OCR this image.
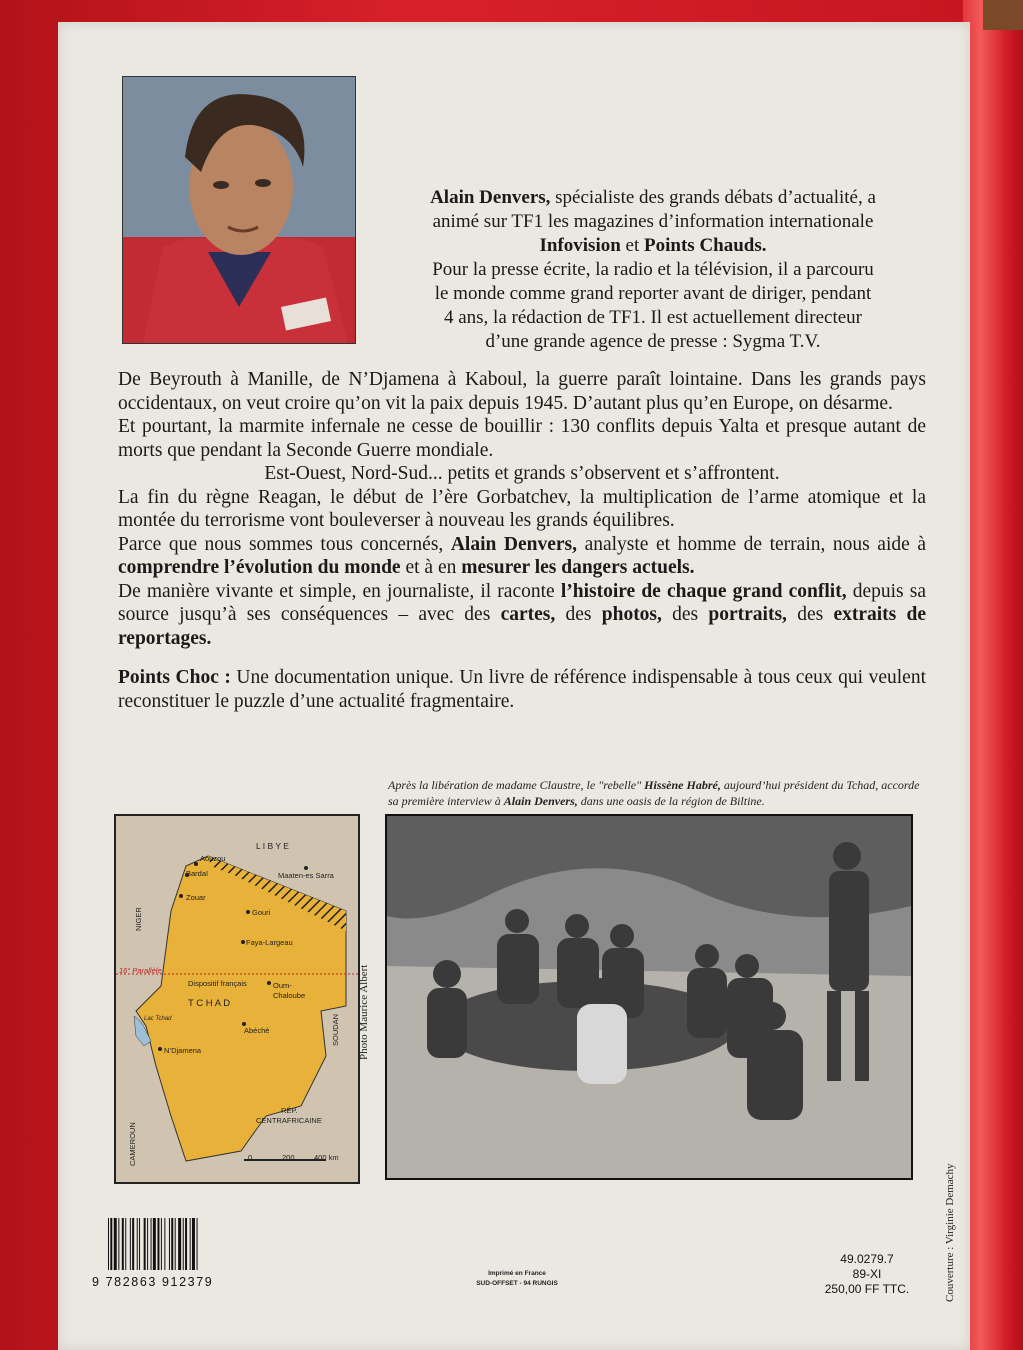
Alain Denvers, spécialiste des grands débats d’actualité, a

animé sur TF1 les magazines d’information internationale

Infovision et Points Chauds.

Pour la presse écrite, la radio et la télévision, il a parcouru

le monde comme grand reporter avant de diriger, pendant

4 ans, la rédaction de TF1. Il est actuellement directeur

d’une grande agence de presse : Sygma T.V.

De Beyrouth à Manille, de N’Djamena à Kaboul, la guerre paraît lointaine. Dans les grands pays occidentaux, on veut croire qu’on vit la paix depuis 1945. D’autant plus qu’en Europe, on désarme.

Et pourtant, la marmite infernale ne cesse de bouillir : 130 conflits depuis Yalta et presque autant de morts que pendant la Seconde Guerre mondiale.

Est-Ouest, Nord-Sud... petits et grands s’observent et s’affrontent.

La fin du règne Reagan, le début de l’ère Gorbatchev, la multiplication de l’arme atomique et la montée du terrorisme vont bouleverser à nouveau les grands équilibres.

Parce que nous sommes tous concernés, Alain Denvers, analyste et homme de terrain, nous aide à comprendre l’évolution du monde et à en mesurer les dangers actuels.

De manière vivante et simple, en journaliste, il raconte l’histoire de chaque grand conflit, depuis sa source jusqu’à ses conséquences – avec des cartes, des photos, des portraits, des extraits de reportages.

Points Choc : Une documentation unique. Un livre de référence indispensable à tous ceux qui veulent reconstituer le puzzle d’une actualité fragmentaire.

Après la libération de madame Claustre, le "rebelle" Hissène Habré, aujourd’hui président du Tchad, accorde sa première interview à Alain Denvers, dans une oasis de la région de Biltine.
L I B Y E
Aouzou
Maaten-es Sarra
Bardaï
Zouar
Gouri
Faya-Largeau
NIGER
16° Parallèle
Dispositif français	Oum-
Chaloube
T C H A D
Lac Tchad
Abéché
N’Djamena
SOUDAN
RÉP.
CENTRAFRICAINE
CAMEROUN	0	200	400 km
Photo Maurice Albert
9 782863 912379
Imprimé en France
SUD-OFFSET - 94 RUNGIS
49.0279.7
89-XI
250,00 FF TTC.	Couverture : Virginie Demachy
